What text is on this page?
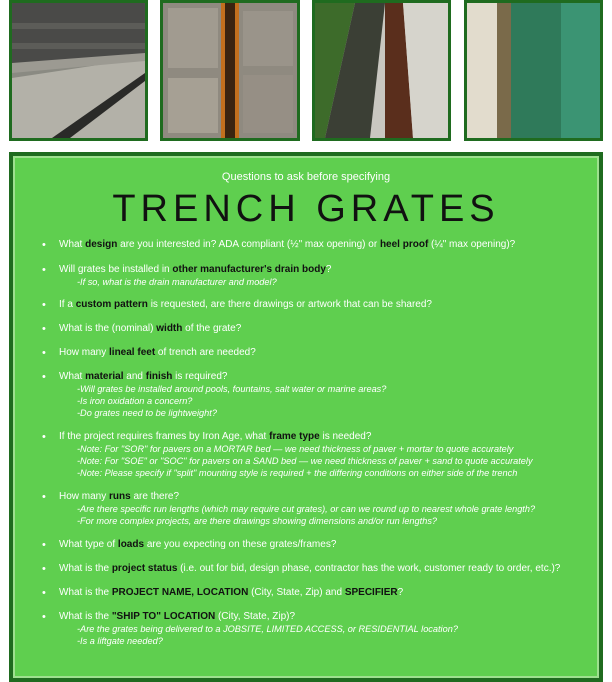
Questions to ask before specifying
TRENCH GRATES
• What design are you interested in? ADA compliant (½" max opening) or heel proof (¼" max opening)?
• Will grates be installed in other manufacturer's drain body?
-If so, what is the drain manufacturer and model?
• If a custom pattern is requested, are there drawings or artwork that can be shared?
• What is the (nominal) width of the grate?
• How many lineal feet of trench are needed?
• What material and finish is required?
-Will grates be installed around pools, fountains, salt water or marine areas?
-Is iron oxidation a concern?
-Do grates need to be lightweight?
• If the project requires frames by Iron Age, what frame type is needed?
-Note: For "SOR" for pavers on a MORTAR bed — we need thickness of paver + mortar to quote accurately
-Note: For "SOE" or "SOC" for pavers on a SAND bed — we need thickness of paver + sand to quote accurately
-Note: Please specify if "split" mounting style is required + the differing conditions on either side of the trench
• How many runs are there?
-Are there specific run lengths (which may require cut grates), or can we round up to nearest whole grate length?
-For more complex projects, are there drawings showing dimensions and/or run lengths?
• What type of loads are you expecting on these grates/frames?
• What is the project status (i.e. out for bid, design phase, contractor has the work, customer ready to order, etc.)?
• What is the PROJECT NAME, LOCATION (City, State, Zip) and SPECIFIER?
• What is the "SHIP TO" LOCATION (City, State, Zip)?
-Are the grates being delivered to a JOBSITE, LIMITED ACCESS, or RESIDENTIAL location?
-Is a liftgate needed?
